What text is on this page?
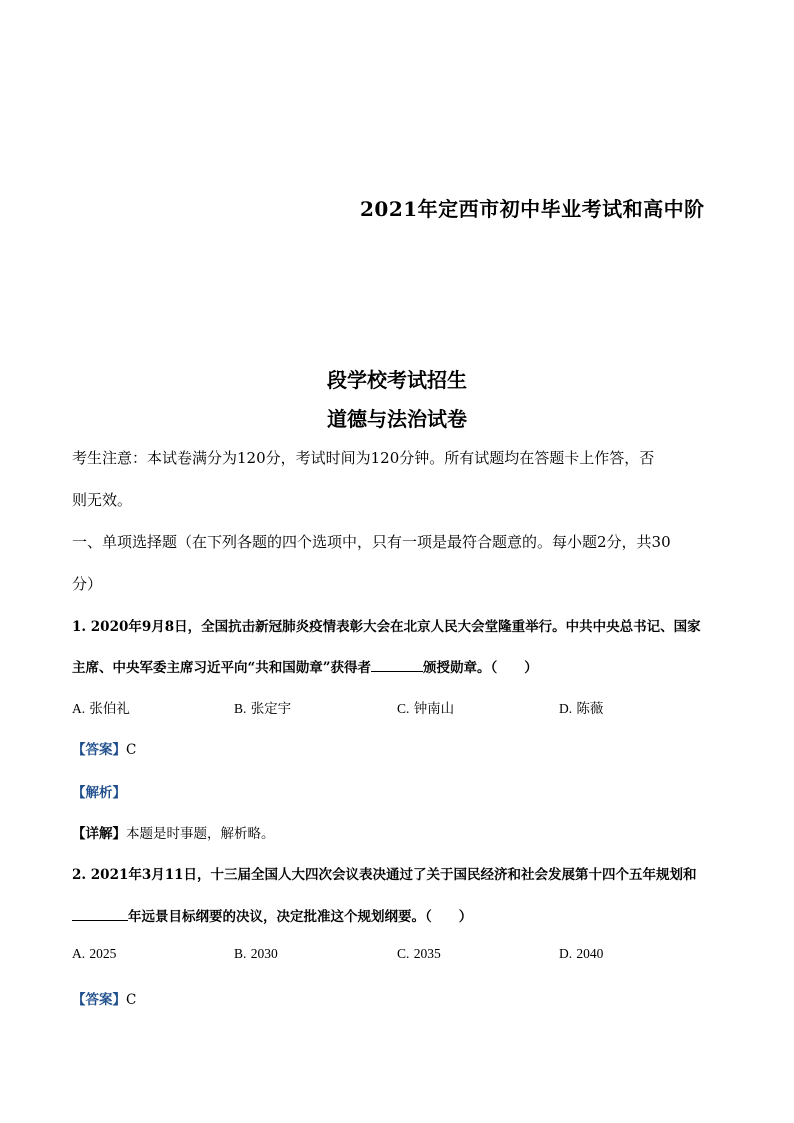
2021年定西市初中毕业考试和高中阶
段学校考试招生
道德与法治试卷
考生注意：本试卷满分为120分，考试时间为120分钟。所有试题均在答题卡上作答，否
则无效。
一、单项选择题（在下列各题的四个选项中，只有一项是最符合题意的。每小题2分，共30
分）
1. 2020年9月8日，全国抗击新冠肺炎疫情表彰大会在北京人民大会堂隆重举行。中共中央总书记、国家
主席、中央军委主席习近平向“共和国勋章”获得者	颁授勋章。（　　）
A. 张伯礼	B. 张定宇	C. 钟南山	D. 陈薇
【答案】C
【解析】
【详解】本题是时事题，解析略。
2. 2021年3月11日，十三届全国人大四次会议表决通过了关于国民经济和社会发展第十四个五年规划和
年远景目标纲要的决议，决定批准这个规划纲要。（　　）
A. 2025	B. 2030	C. 2035	D. 2040
【答案】C
